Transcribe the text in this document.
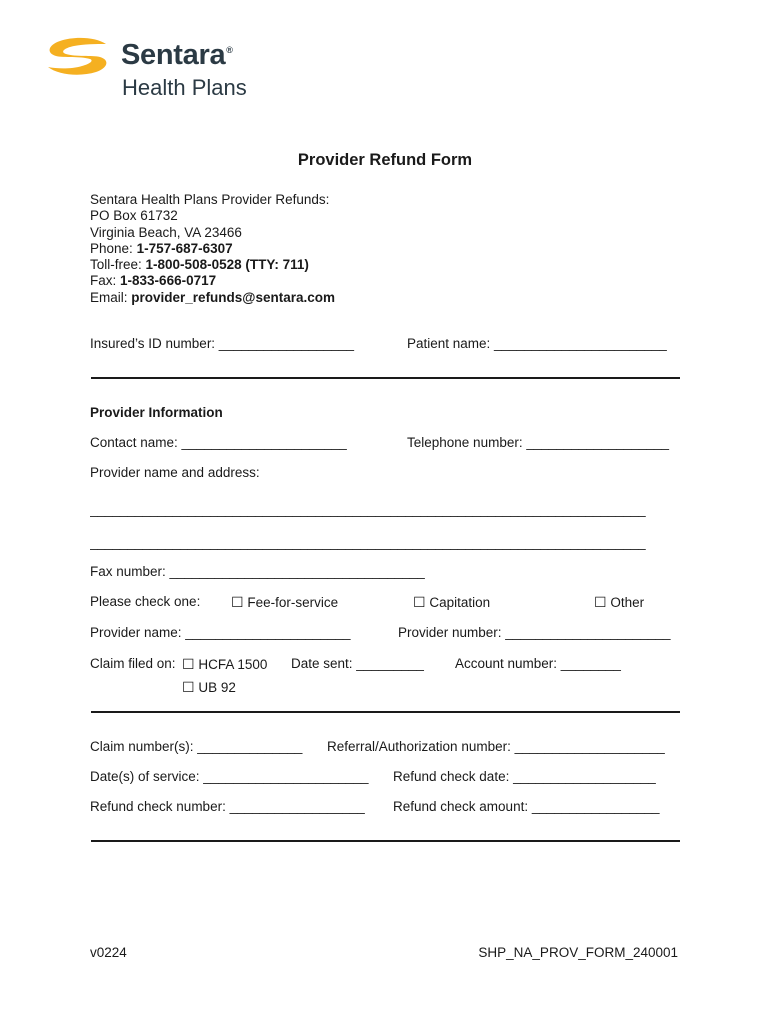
Sentara®
Health Plans
Provider Refund Form
Sentara Health Plans Provider Refunds:
PO Box 61732
Virginia Beach, VA 23466
Phone: 1-757-687-6307
Toll-free: 1-800-508-0528 (TTY: 711)
Fax: 1-833-666-0717
Email: provider_refunds@sentara.com
Insured’s ID number: __________________	Patient name: _______________________
Provider Information
Contact name: ______________________	Telephone number: ___________________
Provider name and address:
__________________________________________________________________________
__________________________________________________________________________
Fax number: __________________________________
Please check one: ☐ Fee-for-service	☐ Capitation	☐ Other
Provider name: ______________________	Provider number: ______________________
Claim filed on: ☐ HCFA 1500
☐ UB 92
Date sent: _________ Account number: ________
Claim number(s): ______________ Referral/Authorization number: ____________________
Date(s) of service: ______________________ Refund check date: ___________________
Refund check number: __________________ Refund check amount: _________________
v0224	SHP_NA_PROV_FORM_240001
